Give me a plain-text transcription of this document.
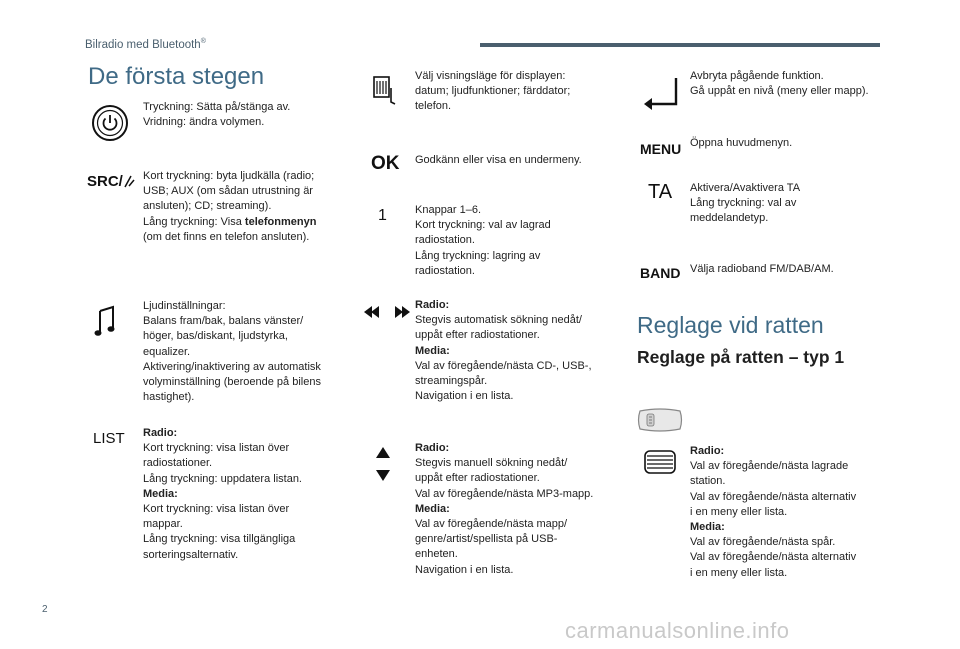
Bilradio med Bluetooth®
De första stegen

Tryckning: Sätta på/stänga av.

Vridning: ändra volymen.

SRC/	Kort tryckning: byta ljudkälla (radio;

USB; AUX (om sådan utrustning är

ansluten); CD; streaming).

Lång tryckning: Visa telefonmenyn

(om det finns en telefon ansluten).

Ljudinställningar:

Balans fram/bak, balans vänster/

höger, bas/diskant, ljudstyrka,

equalizer.

Aktivering/inaktivering av automatisk

volyminställning (beroende på bilens

hastighet).

LIST Radio:

Kort tryckning: visa listan över

radiostationer.

Lång tryckning: uppdatera listan.

Media:

Kort tryckning: visa listan över

mappar.

Lång tryckning: visa tillgängliga

sorteringsalternativ.

Välj visningsläge för displayen:

datum; ljudfunktioner; färddator;

telefon.

OK Godkänn eller visa en undermeny.

1	Knappar 1–6.

Kort tryckning: val av lagrad

radiostation.

Lång tryckning: lagring av

radiostation.

Radio:

Stegvis automatisk sökning nedåt/

uppåt efter radiostationer.

Media:

Val av föregående/nästa CD-, USB-,

streamingspår.

Navigation i en lista.

Radio:

Stegvis manuell sökning nedåt/

uppåt efter radiostationer.

Val av föregående/nästa MP3-mapp.

Media:

Val av föregående/nästa mapp/

genre/artist/spellista på USB-

enheten.

Navigation i en lista.

Avbryta pågående funktion.

Gå uppåt en nivå (meny eller mapp).

MENU Öppna huvudmenyn.

TA Aktivera/Avaktivera TA

Lång tryckning: val av

meddelandetyp.

BAND Välja radioband FM/DAB/AM.

Reglage vid ratten
Reglage på ratten – typ 1

Radio:

Val av föregående/nästa lagrade

station.

Val av föregående/nästa alternativ

i en meny eller lista.

Media:

Val av föregående/nästa spår.

Val av föregående/nästa alternativ

i en meny eller lista.

2
carmanualsonline.info
